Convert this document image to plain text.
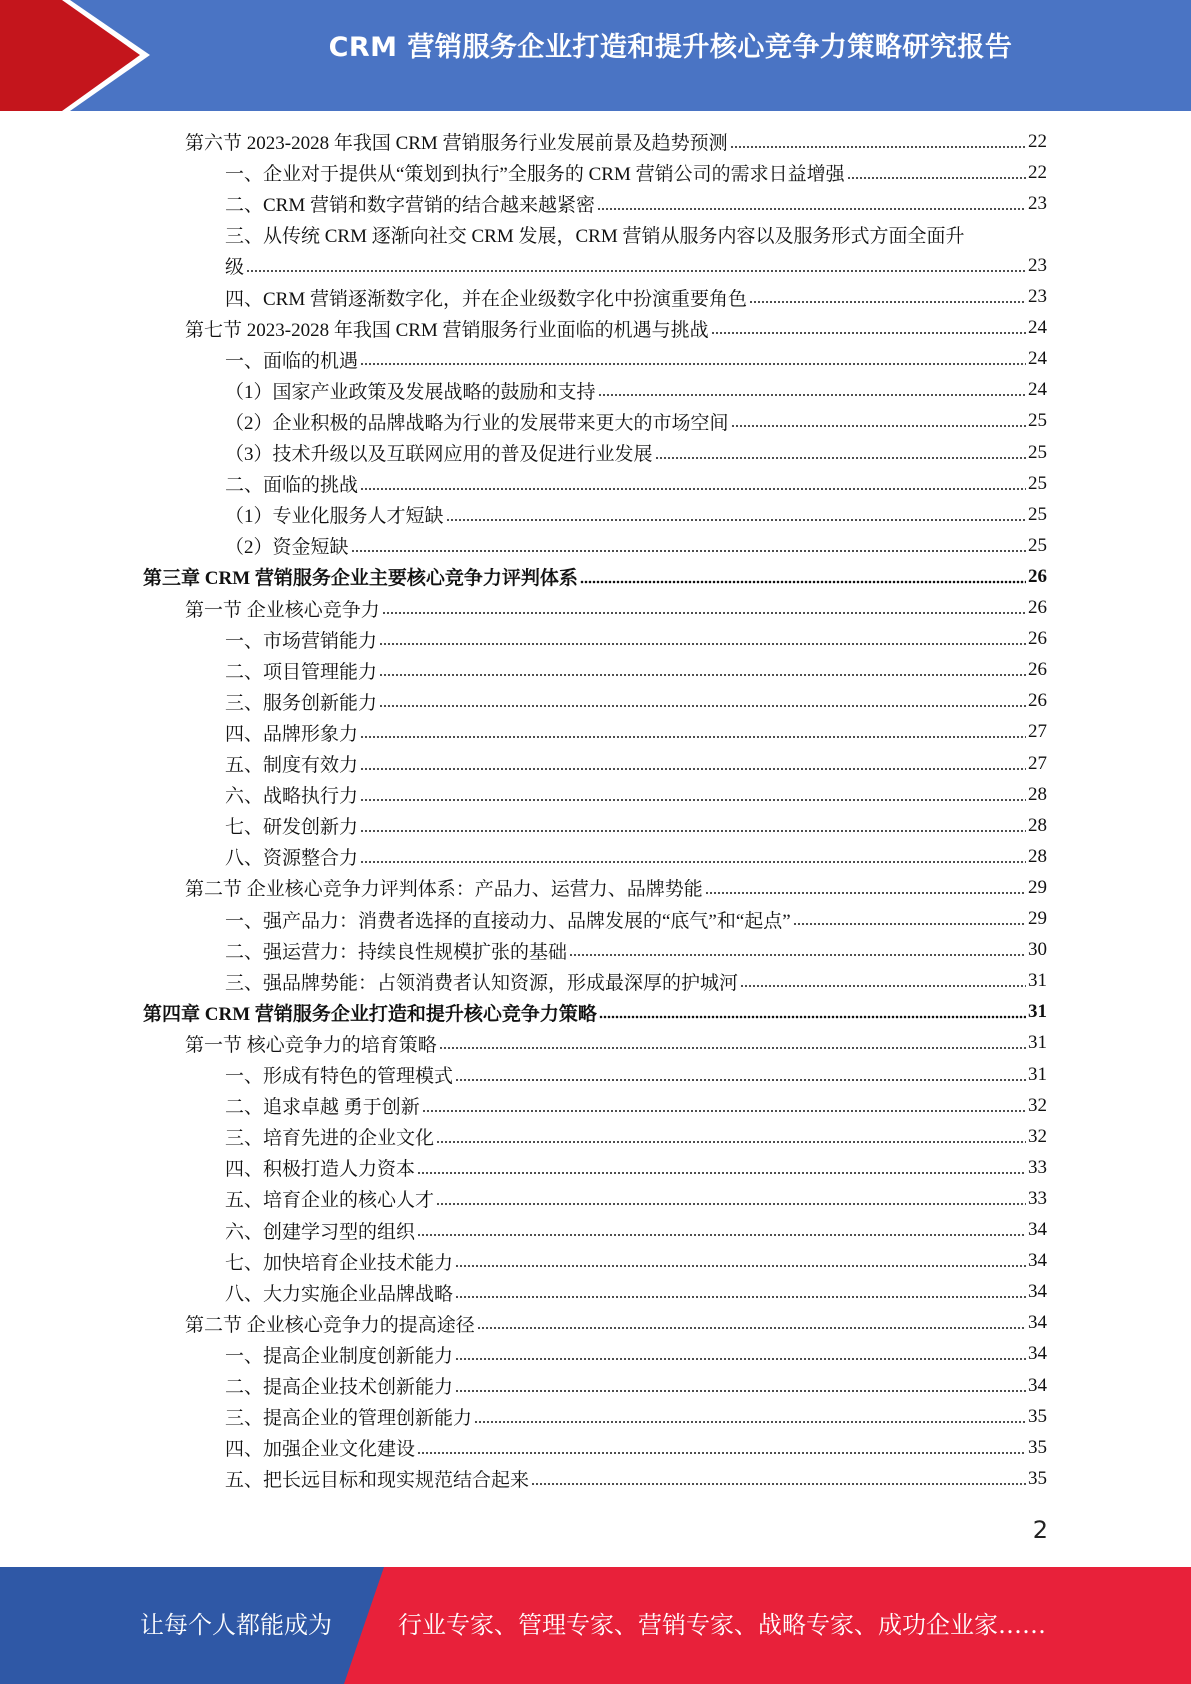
CRM 营销服务企业打造和提升核心竞争力策略研究报告
第六节 2023-2028 年我国 CRM 营销服务行业发展前景及趋势预测	22
一、企业对于提供从“策划到执行”全服务的 CRM 营销公司的需求日益增强	22
二、CRM 营销和数字营销的结合越来越紧密	23
三、从传统 CRM 逐渐向社交 CRM 发展，CRM 营销从服务内容以及服务形式方面全面升
级	23
四、CRM 营销逐渐数字化，并在企业级数字化中扮演重要角色	23
第七节 2023-2028 年我国 CRM 营销服务行业面临的机遇与挑战	24
一、面临的机遇	24
（1）国家产业政策及发展战略的鼓励和支持	24
（2）企业积极的品牌战略为行业的发展带来更大的市场空间	25
（3）技术升级以及互联网应用的普及促进行业发展	25
二、面临的挑战	25
（1）专业化服务人才短缺	25
（2）资金短缺	25
第三章 CRM 营销服务企业主要核心竞争力评判体系	26
第一节 企业核心竞争力	26
一、市场营销能力	26
二、项目管理能力	26
三、服务创新能力	26
四、品牌形象力	27
五、制度有效力	27
六、战略执行力	28
七、研发创新力	28
八、资源整合力	28
第二节 企业核心竞争力评判体系：产品力、运营力、品牌势能	29
一、强产品力：消费者选择的直接动力、品牌发展的“底气”和“起点”	29
二、强运营力：持续良性规模扩张的基础	30
三、强品牌势能：占领消费者认知资源，形成最深厚的护城河	31
第四章 CRM 营销服务企业打造和提升核心竞争力策略	31
第一节 核心竞争力的培育策略	31
一、形成有特色的管理模式	31
二、追求卓越 勇于创新	32
三、培育先进的企业文化	32
四、积极打造人力资本	33
五、培育企业的核心人才	33
六、创建学习型的组织	34
七、加快培育企业技术能力	34
八、大力实施企业品牌战略	34
第二节 企业核心竞争力的提高途径	34
一、提高企业制度创新能力	34
二、提高企业技术创新能力	34
三、提高企业的管理创新能力	35
四、加强企业文化建设	35
五、把长远目标和现实规范结合起来	35
2
让每个人都能成为	行业专家、管理专家、营销专家、战略专家、成功企业家……
